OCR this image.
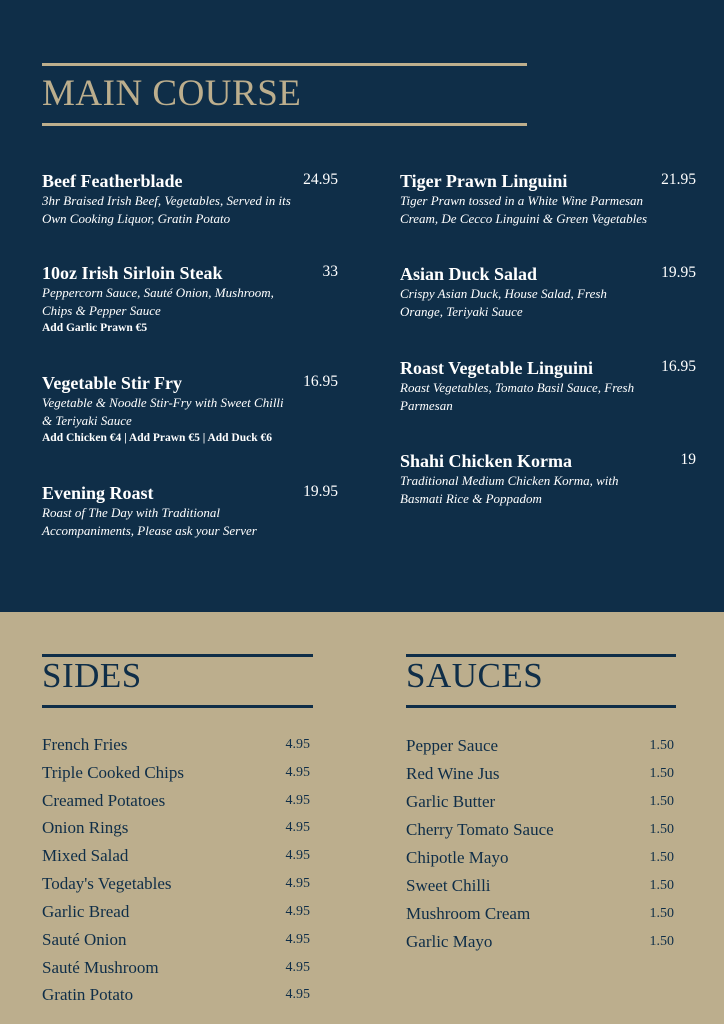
MAIN COURSE
Beef Featherblade	24.95
3hr Braised Irish Beef, Vegetables, Served in its
Own Cooking Liquor, Gratin Potato
10oz Irish Sirloin Steak	33
Peppercorn Sauce, Sauté Onion, Mushroom,
Chips & Pepper Sauce
Add Garlic Prawn €5
Vegetable Stir Fry	16.95
Vegetable & Noodle Stir-Fry with Sweet Chilli
& Teriyaki Sauce
Add Chicken €4 | Add Prawn €5 | Add Duck €6
Evening Roast	19.95
Roast of The Day with Traditional
Accompaniments, Please ask your Server
Tiger Prawn Linguini	21.95
Tiger Prawn tossed in a White Wine Parmesan
Cream, De Cecco Linguini & Green Vegetables
Asian Duck Salad	19.95
Crispy Asian Duck, House Salad, Fresh
Orange, Teriyaki Sauce
Roast Vegetable Linguini	16.95
Roast Vegetables, Tomato Basil Sauce, Fresh
Parmesan
Shahi Chicken Korma	19
Traditional Medium Chicken Korma, with
Basmati Rice & Poppadom
SIDES
French Fries	4.95
Triple Cooked Chips	4.95
Creamed Potatoes	4.95
Onion Rings	4.95
Mixed Salad	4.95
Today's Vegetables	4.95
Garlic Bread	4.95
Sauté Onion	4.95
Sauté Mushroom	4.95
Gratin Potato	4.95
SAUCES
Pepper Sauce	1.50
Red Wine Jus	1.50
Garlic Butter	1.50
Cherry Tomato Sauce	1.50
Chipotle Mayo	1.50
Sweet Chilli	1.50
Mushroom Cream	1.50
Garlic Mayo	1.50
